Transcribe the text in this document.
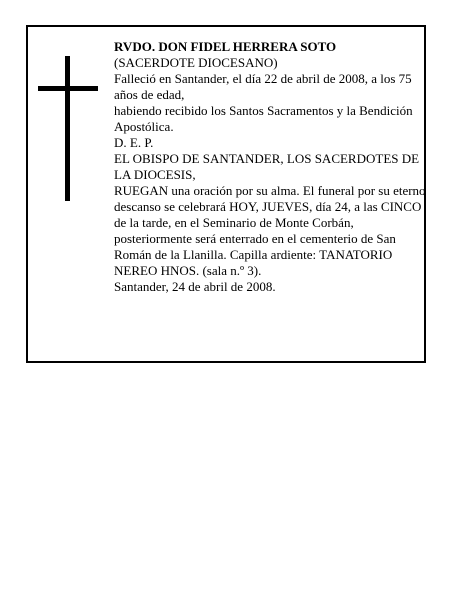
RVDO. DON FIDEL HERRERA SOTO

(SACERDOTE DIOCESANO)

Falleció en Santander, el día 22 de abril de 2008, a los 75 años de edad,

habiendo recibido los Santos Sacramentos y la Bendición Apostólica.

D. E. P.

EL OBISPO DE SANTANDER, LOS SACERDOTES DE LA DIOCESIS,

RUEGAN una oración por su alma. El funeral por su eterno descanso se celebrará HOY, JUEVES, día 24, a las CINCO de la tarde, en el Seminario de Monte Corbán, posteriormente será enterrado en el cementerio de San Román de la Llanilla. Capilla ardiente: TANATORIO NEREO HNOS. (sala n.º 3).

Santander, 24 de abril de 2008.
